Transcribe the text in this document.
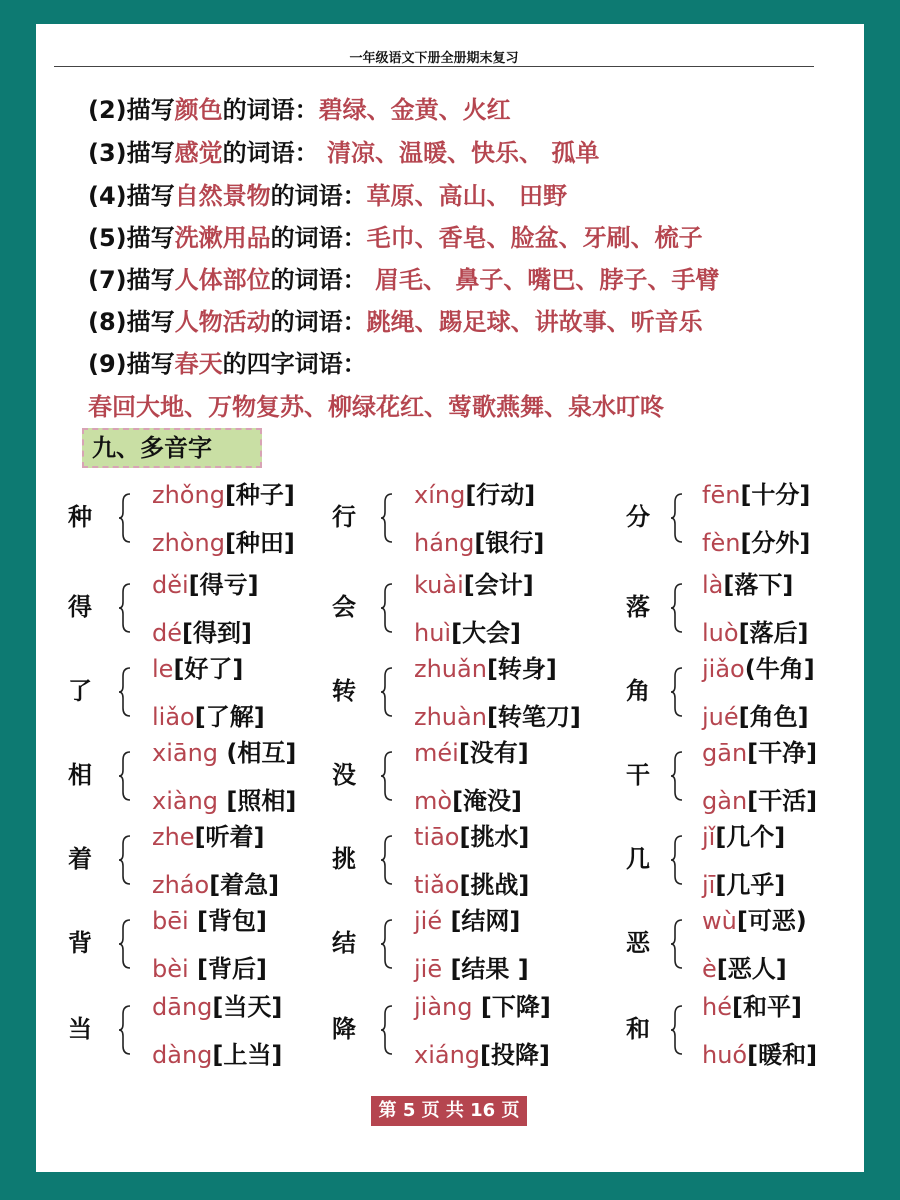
一年级语文下册全册期末复习
(2)描写颜色的词语：碧绿、金黄、火红
(3)描写感觉的词语： 清凉、温暖、快乐、 孤单
(4)描写自然景物的词语：草原、高山、 田野
(5)描写洗漱用品的词语：毛巾、香皂、脸盆、牙刷、梳子
(7)描写人体部位的词语： 眉毛、 鼻子、嘴巴、脖子、手臂
(8)描写人物活动的词语：跳绳、踢足球、讲故事、听音乐
(9)描写春天的四字词语：
春回大地、万物复苏、柳绿花红、莺歌燕舞、泉水叮咚
九、多音字
种
zhǒng[种子]
zhòng[种田]
行
xíng[行动]
háng[银行]
分
fēn[十分]
fèn[分外]
得
děi[得亏]
dé[得到]
会
kuài[会计]
huì[大会]
落
là[落下]
luò[落后]
了
le[好了]
liǎo[了解]
转
zhuǎn[转身]
zhuàn[转笔刀]
角
jiǎo(牛角]
jué[角色]
相
xiāng (相互]
xiàng [照相]
没
méi[没有]
mò[淹没]
干
gān[干净]
gàn[干活]
着
zhe[听着]
zháo[着急]
挑
tiāo[挑水]
tiǎo[挑战]
几
jǐ[几个]
jī[几乎]
背
bēi [背包]
bèi [背后]
结
jié [结网]
jiē [结果 ]
恶
wù[可恶)
è[恶人]
当
dāng[当天]
dàng[上当]
降
jiàng [下降]
xiáng[投降]
和
hé[和平]
huó[暖和]
第 5 页 共 16 页
